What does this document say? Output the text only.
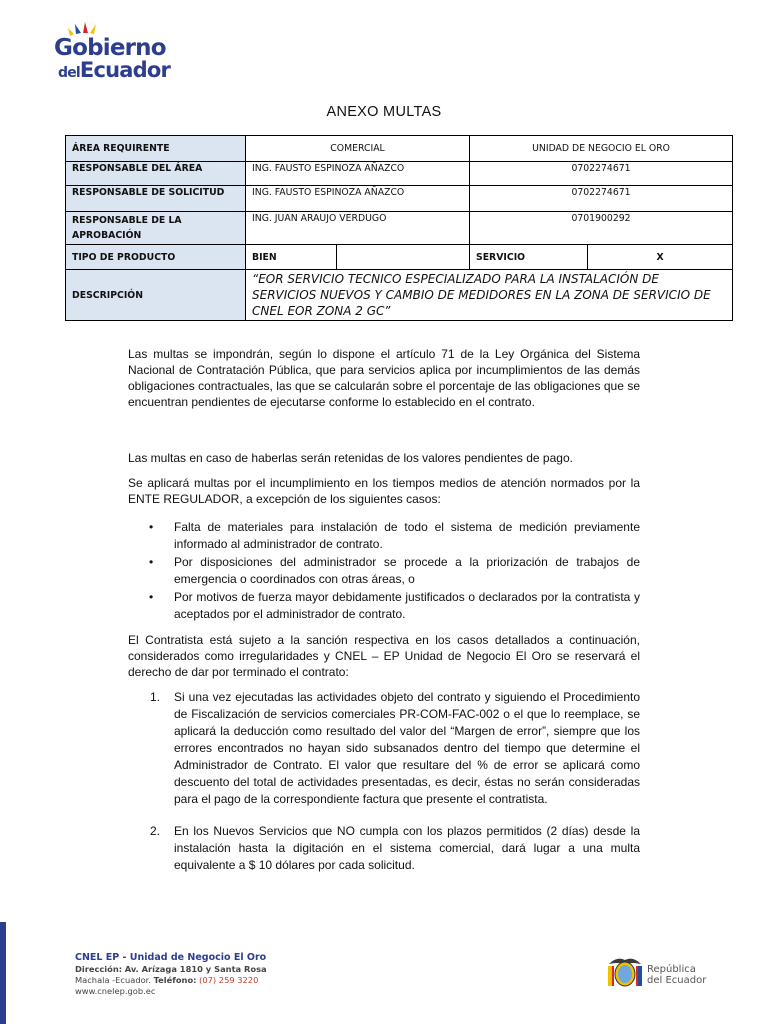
Gobierno
delEcuador
ANEXO MULTAS
ÁREA REQUIRENTE	COMERCIAL		UNIDAD DE NEGOCIO EL ORO	
RESPONSABLE DEL ÁREA	ING. FAUSTO ESPINOZA AÑAZCO		0702274671	
RESPONSABLE DE SOLICITUD	ING. FAUSTO ESPINOZA AÑAZCO		0702274671	
RESPONSABLE DE LA APROBACIÓN	ING. JUAN ARAUJO VERDUGO		0701900292	
TIPO DE PRODUCTO	BIEN		SERVICIO	X
DESCRIPCIÓN	“EOR SERVICIO TECNICO ESPECIALIZADO PARA LA INSTALACIÓN DE SERVICIOS NUEVOS Y CAMBIO DE MEDIDORES EN LA ZONA DE SERVICIO DE CNEL EOR ZONA 2 GC”			
Las multas se impondrán, según lo dispone el artículo 71 de la Ley Orgánica del Sistema Nacional de Contratación Pública, que para servicios aplica por incumplimientos de las demás obligaciones contractuales, las que se calcularán sobre el porcentaje de las obligaciones que se encuentran pendientes de ejecutarse conforme lo establecido en el contrato.
Las multas en caso de haberlas serán retenidas de los valores pendientes de pago.
Se aplicará multas por el incumplimiento en los tiempos medios de atención normados por la ENTE REGULADOR, a excepción de los siguientes casos:
• Falta de materiales para instalación de todo el sistema de medición previamente informado al administrador de contrato.
• Por disposiciones del administrador se procede a la priorización de trabajos de emergencia o coordinados con otras áreas, o
• Por motivos de fuerza mayor debidamente justificados o declarados por la contratista y aceptados por el administrador de contrato.
El Contratista está sujeto a la sanción respectiva en los casos detallados a continuación, considerados como irregularidades y CNEL – EP Unidad de Negocio El Oro se reservará el derecho de dar por terminado el contrato:
1.	Si una vez ejecutadas las actividades objeto del contrato y siguiendo el Procedimiento de Fiscalización de servicios comerciales PR-COM-FAC-002 o el que lo reemplace, se aplicará la deducción como resultado del valor del “Margen de error”, siempre que los errores encontrados no hayan sido subsanados dentro del tiempo que determine el Administrador de Contrato. El valor que resultare del % de error se aplicará como descuento del total de actividades presentadas, es decir, éstas no serán consideradas para el pago de la correspondiente factura que presente el contratista.
2.	En los Nuevos Servicios que NO cumpla con los plazos permitidos (2 días) desde la instalación hasta la digitación en el sistema comercial, dará lugar a una multa equivalente a $ 10 dólares por cada solicitud.
CNEL EP - Unidad de Negocio El Oro
Dirección: Av. Arízaga 1810 y Santa Rosa
Machala -Ecuador. Teléfono: (07) 259 3220
www.cnelep.gob.ec
República
del Ecuador
